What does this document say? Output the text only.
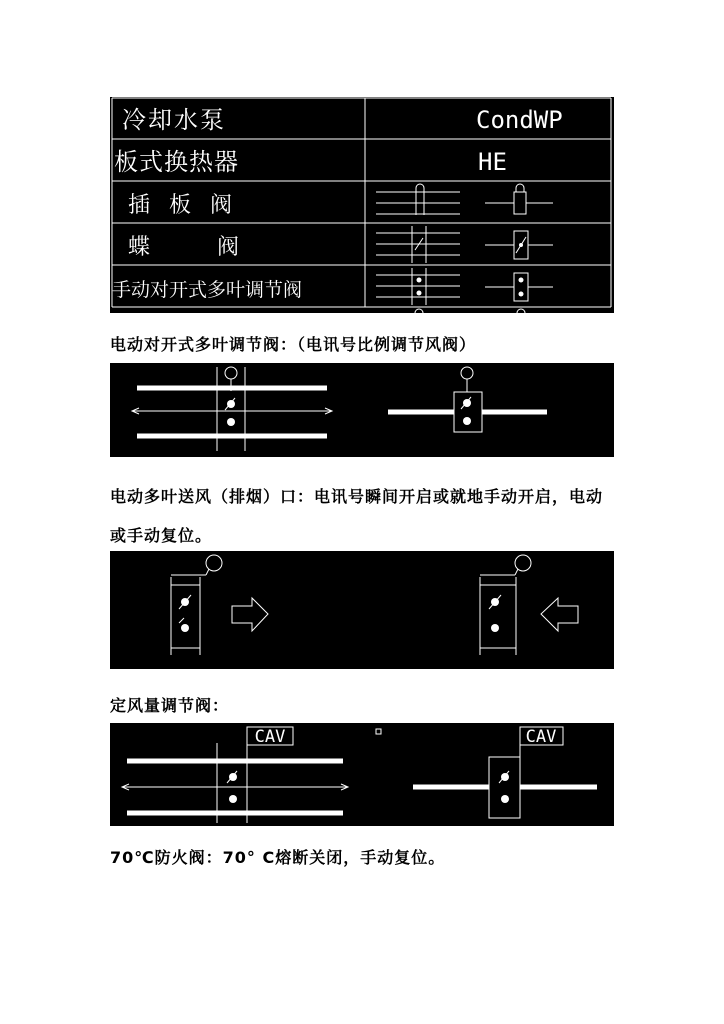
冷却水泵	CondWP
板式换热器	HE
插 板 阀
蝶 阀
手动对开式多叶调节阀

电动对开式多叶调节阀：（电讯号比例调节风阀）

电动多叶送风（排烟）口：电讯号瞬间开启或就地手动开启，电动

或手动复位。

定风量调节阀：

CAV	CAV

70℃防火阀：70° C熔断关闭，手动复位。
